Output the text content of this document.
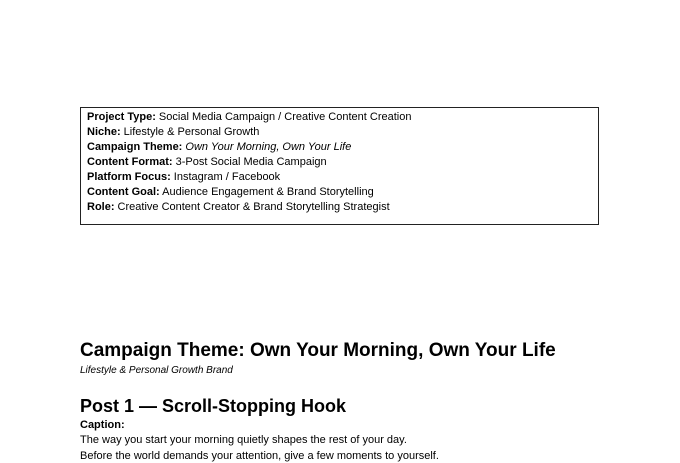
Project Type: Social Media Campaign / Creative Content Creation
Niche: Lifestyle & Personal Growth
Campaign Theme: Own Your Morning, Own Your Life
Content Format: 3-Post Social Media Campaign
Platform Focus: Instagram / Facebook
Content Goal: Audience Engagement & Brand Storytelling
Role: Creative Content Creator & Brand Storytelling Strategist
Campaign Theme: Own Your Morning, Own Your Life
Lifestyle & Personal Growth Brand
Post 1 — Scroll-Stopping Hook
Caption:
The way you start your morning quietly shapes the rest of your day.
Before the world demands your attention, give a few moments to yourself.
